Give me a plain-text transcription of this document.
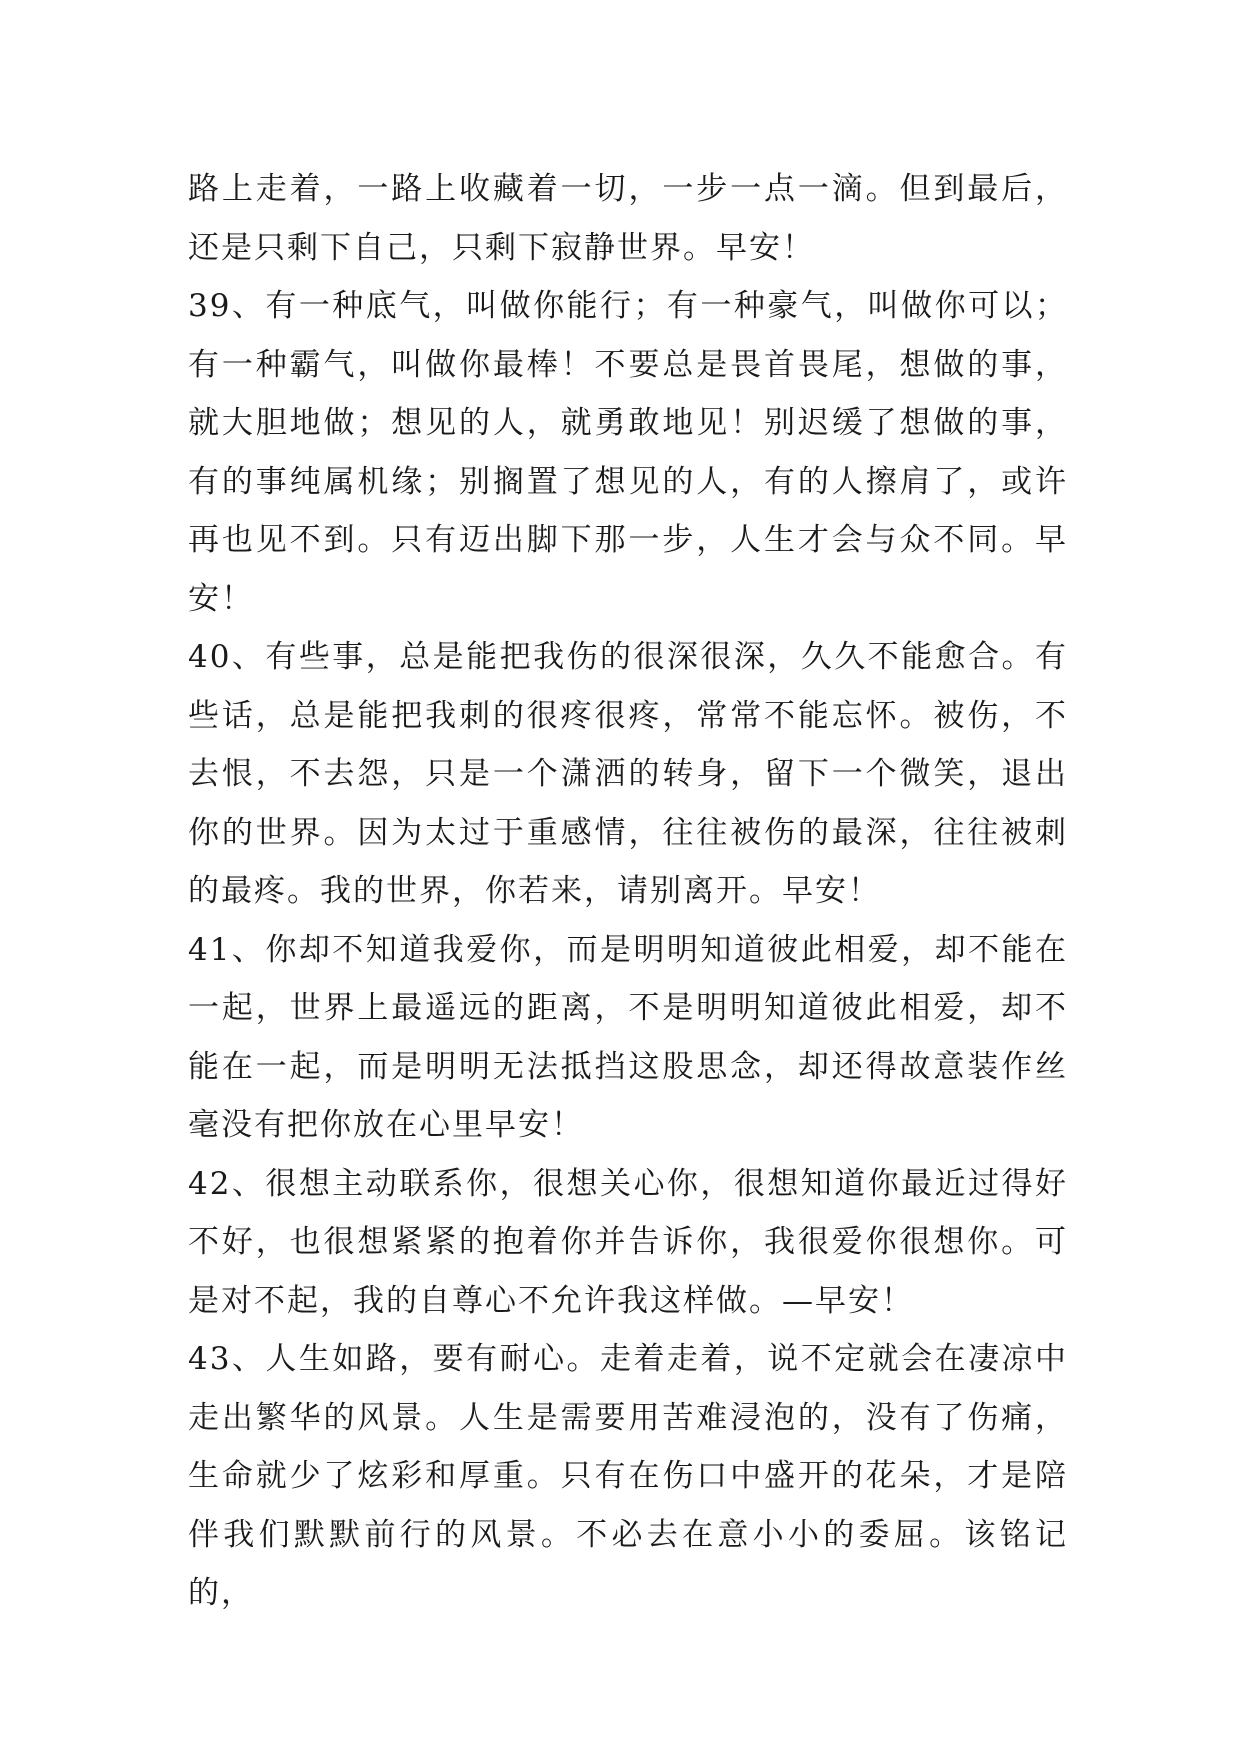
路上走着，一路上收藏着一切，一步一点一滴。但到最后，还是只剩下自己，只剩下寂静世界。早安！

39、有一种底气，叫做你能行；有一种豪气，叫做你可以；有一种霸气，叫做你最棒！不要总是畏首畏尾，想做的事，就大胆地做；想见的人，就勇敢地见！别迟缓了想做的事，有的事纯属机缘；别搁置了想见的人，有的人擦肩了，或许再也见不到。只有迈出脚下那一步，人生才会与众不同。早安！

40、有些事，总是能把我伤的很深很深，久久不能愈合。有些话，总是能把我刺的很疼很疼，常常不能忘怀。被伤，不去恨，不去怨，只是一个潇洒的转身，留下一个微笑，退出你的世界。因为太过于重感情，往往被伤的最深，往往被刺的最疼。我的世界，你若来，请别离开。早安！

41、你却不知道我爱你，而是明明知道彼此相爱，却不能在一起，世界上最遥远的距离，不是明明知道彼此相爱，却不能在一起，而是明明无法抵挡这股思念，却还得故意装作丝毫没有把你放在心里早安！

42、很想主动联系你，很想关心你，很想知道你最近过得好不好，也很想紧紧的抱着你并告诉你，我很爱你很想你。可是对不起，我的自尊心不允许我这样做。—早安！

43、人生如路，要有耐心。走着走着，说不定就会在凄凉中走出繁华的风景。人生是需要用苦难浸泡的，没有了伤痛，生命就少了炫彩和厚重。只有在伤口中盛开的花朵，才是陪伴我们默默前行的风景。不必去在意小小的委屈。该铭记的，
